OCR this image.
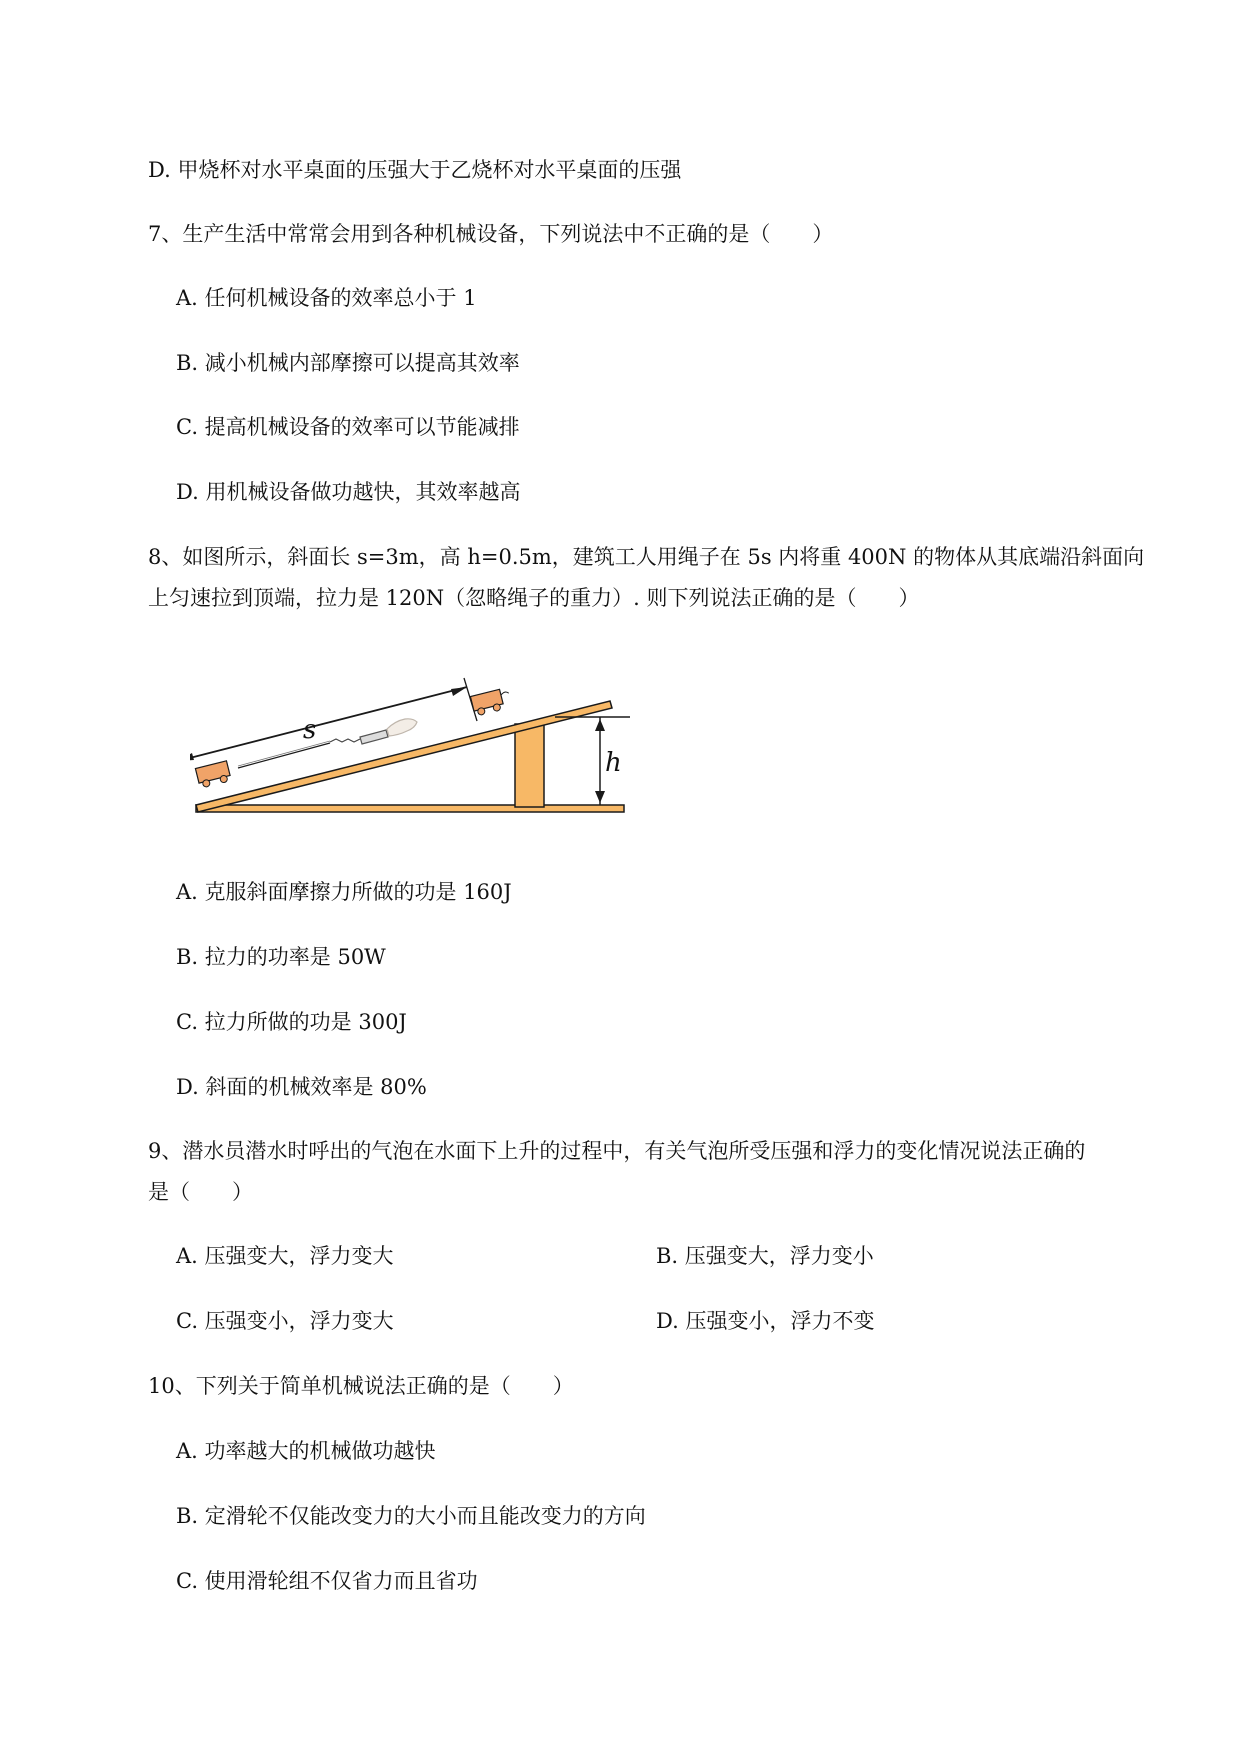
D. 甲烧杯对水平桌面的压强大于乙烧杯对水平桌面的压强
7、生产生活中常常会用到各种机械设备，下列说法中不正确的是（　　）
A. 任何机械设备的效率总小于 1
B. 减小机械内部摩擦可以提高其效率
C. 提高机械设备的效率可以节能减排
D. 用机械设备做功越快，其效率越高
8、如图所示，斜面长 s=3m，高 h=0.5m，建筑工人用绳子在 5s 内将重 400N 的物体从其底端沿斜面向
上匀速拉到顶端，拉力是 120N（忽略绳子的重力）. 则下列说法正确的是（　　）
h
s
A. 克服斜面摩擦力所做的功是 160J
B. 拉力的功率是 50W
C. 拉力所做的功是 300J
D. 斜面的机械效率是 80%
9、潜水员潜水时呼出的气泡在水面下上升的过程中，有关气泡所受压强和浮力的变化情况说法正确的
是（　　）
A. 压强变大，浮力变大	B. 压强变大，浮力变小
C. 压强变小，浮力变大	D. 压强变小，浮力不变
10、下列关于简单机械说法正确的是（　　）
A. 功率越大的机械做功越快
B. 定滑轮不仅能改变力的大小而且能改变力的方向
C. 使用滑轮组不仅省力而且省功
